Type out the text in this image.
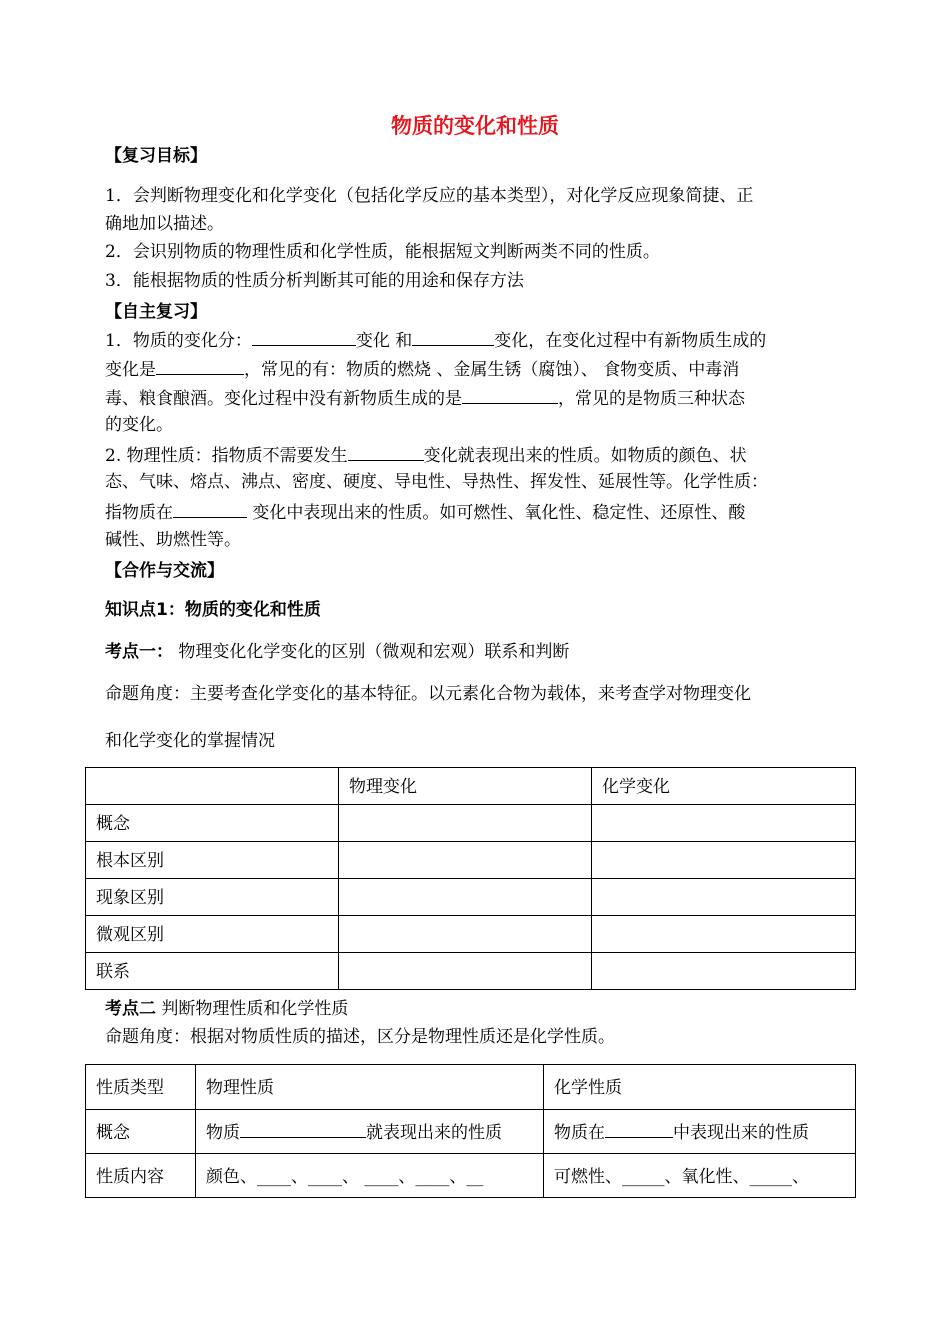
物质的变化和性质
【复习目标】
1．会判断物理变化和化学变化（包括化学反应的基本类型），对化学反应现象简捷、正
确地加以描述。
2．会识别物质的物理性质和化学性质，能根据短文判断两类不同的性质。
3．能根据物质的性质分析判断其可能的用途和保存方法
【自主复习】
1．物质的变化分：	变化 和	变化，在变化过程中有新物质生成的
变化是	，常见的有：物质的燃烧 、金属生锈（腐蚀）、 食物变质、中毒消
毒、粮食酿酒。变化过程中没有新物质生成的是	，常见的是物质三种状态
的变化。
2. 物理性质：指物质不需要发生	变化就表现出来的性质。如物质的颜色、状
态、气味、熔点、沸点、密度、硬度、导电性、导热性、挥发性、延展性等。化学性质：
指物质在	变化中表现出来的性质。如可燃性、氧化性、稳定性、还原性、酸
碱性、助燃性等。
【合作与交流】
知识点1：物质的变化和性质
考点一： 物理变化化学变化的区别（微观和宏观）联系和判断
命题角度：主要考查化学变化的基本特征。以元素化合物为载体，来考查学对物理变化
和化学变化的掌握情况
	物理变化	化学变化
概念		
根本区别		
现象区别		
微观区别		
联系		
考点二 判断物理性质和化学性质
命题角度：根据对物质性质的描述，区分是物理性质还是化学性质。
性质类型	物理性质	化学性质
概念	物质 就表现出来的性质	物质在 中表现出来的性质
性质内容	颜色、____、____、 ____、____、__	可燃性、_____、氧化性、_____、
